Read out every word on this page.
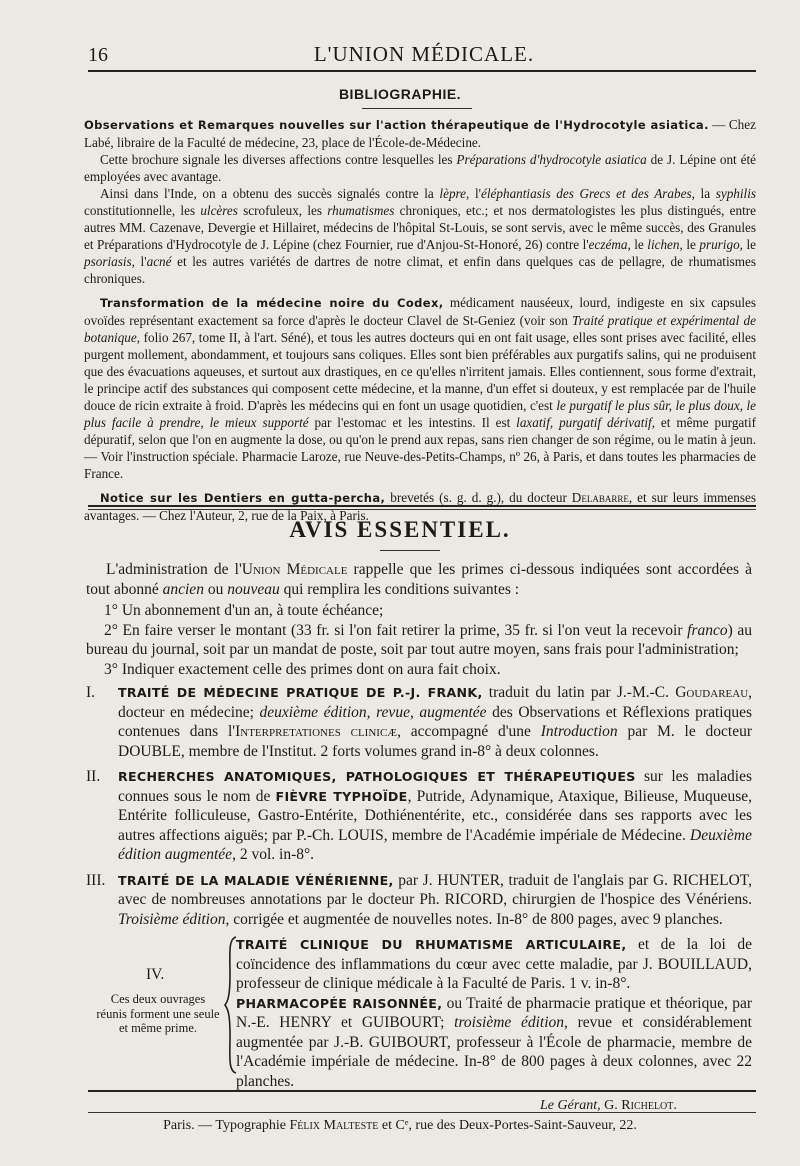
16	L'UNION MÉDICALE.
BIBLIOGRAPHIE.

Observations et Remarques nouvelles sur l'action thérapeutique de l'Hydrocotyle asiatica. — Chez Labé, libraire de la Faculté de médecine, 23, place de l'École-de-Médecine.

Cette brochure signale les diverses affections contre lesquelles les Préparations d'hydrocotyle asiatica de J. Lépine ont été employées avec avantage.

Ainsi dans l'Inde, on a obtenu des succès signalés contre la lèpre, l'éléphantiasis des Grecs et des Arabes, la syphilis constitutionnelle, les ulcères scrofuleux, les rhumatismes chroniques, etc.; et nos dermatologistes les plus distingués, entre autres MM. Cazenave, Devergie et Hillairet, médecins de l'hôpital St-Louis, se sont servis, avec le même succès, des Granules et Préparations d'Hydrocotyle de J. Lépine (chez Fournier, rue d'Anjou-St-Honoré, 26) contre l'eczéma, le lichen, le prurigo, le psoriasis, l'acné et les autres variétés de dartres de notre climat, et enfin dans quelques cas de pellagre, de rhumatismes chroniques.

Transformation de la médecine noire du Codex, médicament nauséeux, lourd, indigeste en six capsules ovoïdes représentant exactement sa force d'après le docteur Clavel de St-Geniez (voir son Traité pratique et expérimental de botanique, folio 267, tome II, à l'art. Séné), et tous les autres docteurs qui en ont fait usage, elles sont prises avec facilité, elles purgent mollement, abondamment, et toujours sans coliques. Elles sont bien préférables aux purgatifs salins, qui ne produisent que des évacuations aqueuses, et surtout aux drastiques, en ce qu'elles n'irritent jamais. Elles contiennent, sous forme d'extrait, le principe actif des substances qui composent cette médecine, et la manne, d'un effet si douteux, y est remplacée par de l'huile douce de ricin extraite à froid. D'après les médecins qui en font un usage quotidien, c'est le purgatif le plus sûr, le plus doux, le plus facile à prendre, le mieux supporté par l'estomac et les intestins. Il est laxatif, purgatif dérivatif, et même purgatif dépuratif, selon que l'on en augmente la dose, ou qu'on le prend aux repas, sans rien changer de son régime, ou le matin à jeun. — Voir l'instruction spéciale. Pharmacie Laroze, rue Neuve-des-Petits-Champs, nº 26, à Paris, et dans toutes les pharmacies de France.

Notice sur les Dentiers en gutta-percha, brevetés (s. g. d. g.), du docteur Delabarre, et sur leurs immenses avantages. — Chez l'Auteur, 2, rue de la Paix, à Paris.

AVIS ESSENTIEL.

L'administration de l'Union Médicale rappelle que les primes ci-dessous indiquées sont accordées à tout abonné ancien ou nouveau qui remplira les conditions suivantes :

1° Un abonnement d'un an, à toute échéance;

2° En faire verser le montant (33 fr. si l'on fait retirer la prime, 35 fr. si l'on veut la recevoir franco) au bureau du journal, soit par un mandat de poste, soit par tout autre moyen, sans frais pour l'administration;

3° Indiquer exactement celle des primes dont on aura fait choix.

I. TRAITÉ DE MÉDECINE PRATIQUE DE P.-J. FRANK, traduit du latin par J.-M.-C. Goudareau, docteur en médecine; deuxième édition, revue, augmentée des Observations et Réflexions pratiques contenues dans l'Interpretationes clinicæ, accompagné d'une Introduction par M. le docteur DOUBLE, membre de l'Institut. 2 forts volumes grand in-8° à deux colonnes.
II. RECHERCHES ANATOMIQUES, PATHOLOGIQUES ET THÉRAPEUTIQUES sur les maladies connues sous le nom de FIÈVRE TYPHOÏDE, Putride, Adynamique, Ataxique, Bilieuse, Muqueuse, Entérite folliculeuse, Gastro-Entérite, Dothiénentérite, etc., considérée dans ses rapports avec les autres affections aiguës; par P.-Ch. LOUIS, membre de l'Académie impériale de Médecine. Deuxième édition augmentée, 2 vol. in-8°.
III. TRAITÉ DE LA MALADIE VÉNÉRIENNE, par J. HUNTER, traduit de l'anglais par G. RICHELOT, avec de nombreuses annotations par le docteur Ph. RICORD, chirurgien de l'hospice des Vénériens. Troisième édition, corrigée et augmentée de nouvelles notes. In-8° de 800 pages, avec 9 planches.
IV.
Ces deux ouvrages réunis forment une seule et même prime.

TRAITÉ CLINIQUE DU RHUMATISME ARTICULAIRE, et de la loi de coïncidence des inflammations du cœur avec cette maladie, par J. BOUILLAUD, professeur de clinique médicale à la Faculté de Paris. 1 v. in-8°.

PHARMACOPÉE RAISONNÉE, ou Traité de pharmacie pratique et théorique, par N.-E. HENRY et GUIBOURT; troisième édition, revue et considérablement augmentée par J.-B. GUIBOURT, professeur à l'École de pharmacie, membre de l'Académie impériale de médecine. In-8° de 800 pages à deux colonnes, avec 22 planches.

Le Gérant, G. Richelot.
Paris. — Typographie Félix Malteste et Cᵉ, rue des Deux-Portes-Saint-Sauveur, 22.
